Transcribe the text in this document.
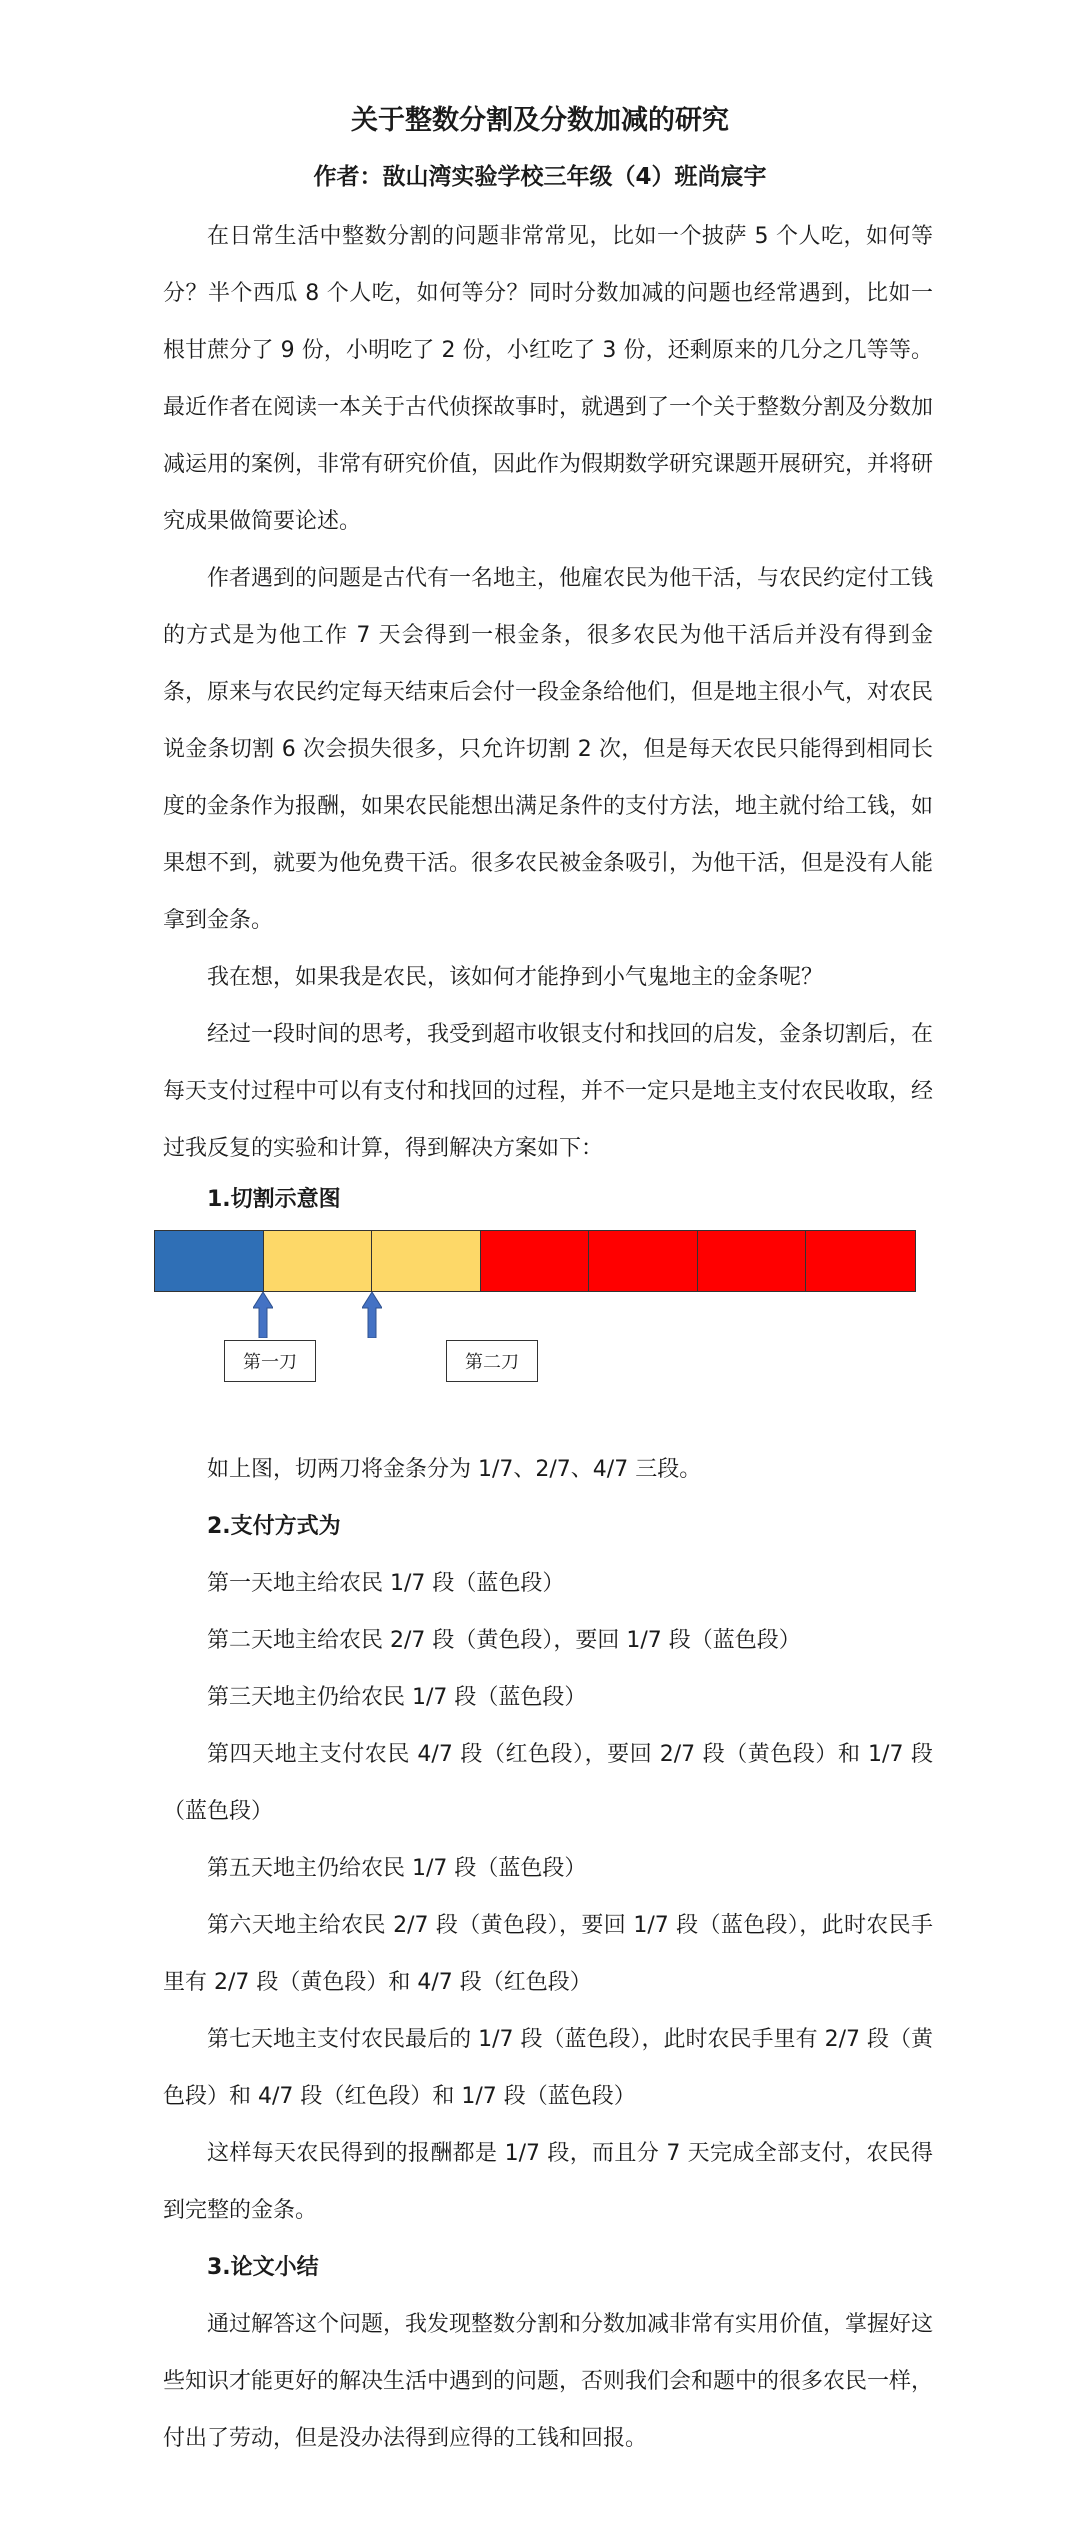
关于整数分割及分数加减的研究

作者：敔山湾实验学校三年级（4）班尚宸宇

在日常生活中整数分割的问题非常常见，比如一个披萨 5 个人吃，如何等分？半个西瓜 8 个人吃，如何等分？同时分数加减的问题也经常遇到，比如一根甘蔗分了 9 份，小明吃了 2 份，小红吃了 3 份，还剩原来的几分之几等等。最近作者在阅读一本关于古代侦探故事时，就遇到了一个关于整数分割及分数加减运用的案例，非常有研究价值，因此作为假期数学研究课题开展研究，并将研究成果做简要论述。

作者遇到的问题是古代有一名地主，他雇农民为他干活，与农民约定付工钱的方式是为他工作 7 天会得到一根金条，很多农民为他干活后并没有得到金条，原来与农民约定每天结束后会付一段金条给他们，但是地主很小气，对农民说金条切割 6 次会损失很多，只允许切割 2 次，但是每天农民只能得到相同长度的金条作为报酬，如果农民能想出满足条件的支付方法，地主就付给工钱，如果想不到，就要为他免费干活。很多农民被金条吸引，为他干活，但是没有人能拿到金条。

我在想，如果我是农民，该如何才能挣到小气鬼地主的金条呢？

经过一段时间的思考，我受到超市收银支付和找回的启发，金条切割后，在每天支付过程中可以有支付和找回的过程，并不一定只是地主支付农民收取，经过我反复的实验和计算，得到解决方案如下：

1.切割示意图

第一刀	第二刀

如上图，切两刀将金条分为 1/7、2/7、4/7 三段。

2.支付方式为

第一天地主给农民 1/7 段（蓝色段）

第二天地主给农民 2/7 段（黄色段），要回 1/7 段（蓝色段）

第三天地主仍给农民 1/7 段（蓝色段）

第四天地主支付农民 4/7 段（红色段），要回 2/7 段（黄色段）和 1/7 段（蓝色段）

第五天地主仍给农民 1/7 段（蓝色段）

第六天地主给农民 2/7 段（黄色段），要回 1/7 段（蓝色段），此时农民手里有 2/7 段（黄色段）和 4/7 段（红色段）

第七天地主支付农民最后的 1/7 段（蓝色段），此时农民手里有 2/7 段（黄色段）和 4/7 段（红色段）和 1/7 段（蓝色段）

这样每天农民得到的报酬都是 1/7 段，而且分 7 天完成全部支付，农民得到完整的金条。

3.论文小结

通过解答这个问题，我发现整数分割和分数加减非常有实用价值，掌握好这些知识才能更好的解决生活中遇到的问题，否则我们会和题中的很多农民一样，付出了劳动，但是没办法得到应得的工钱和回报。
